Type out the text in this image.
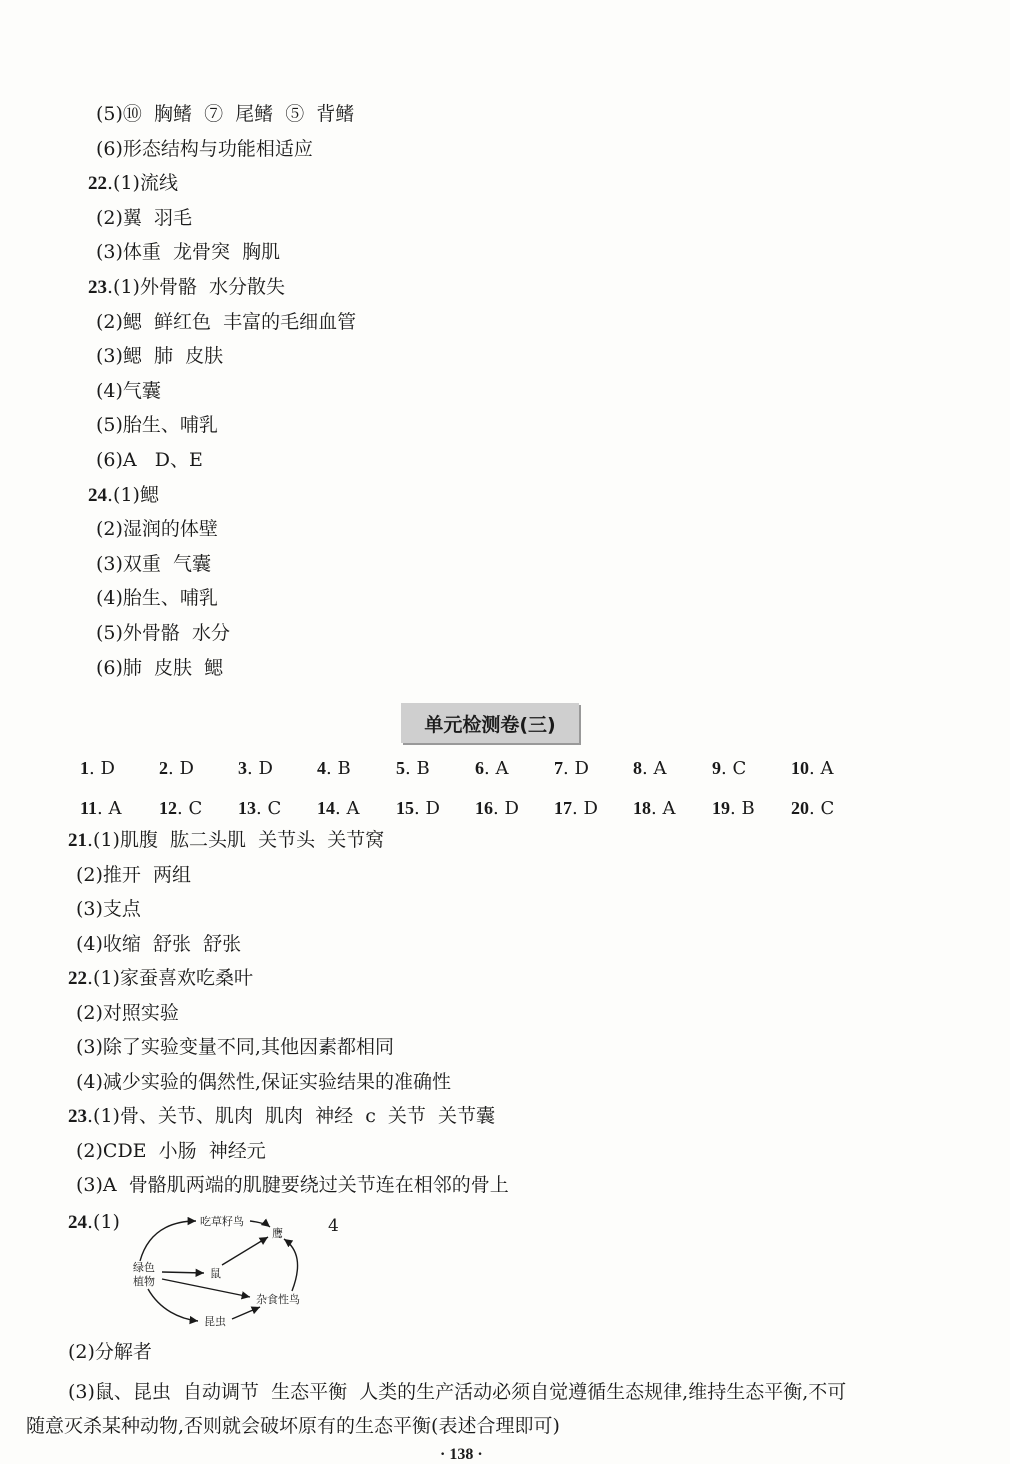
(5)⑩  胸鳍  ⑦  尾鳍  ⑤  背鳍
(6)形态结构与功能相适应
22.(1)流线
(2)翼  羽毛
(3)体重  龙骨突  胸肌
23.(1)外骨骼  水分散失
(2)鳃  鲜红色  丰富的毛细血管
(3)鳃  肺  皮肤
(4)气囊
(5)胎生、哺乳
(6)A   D、E
24.(1)鳃
(2)湿润的体壁
(3)双重  气囊
(4)胎生、哺乳
(5)外骨骼  水分
(6)肺  皮肤  鳃
单元检测卷(三)
1. D 2. D 3. D 4. B	5. B	6. A	7. D 8. A	9. C 10. A
11. A 12. C 13. C 14. A 15. D 16. D 17. D 18. A 19. B 20. C
21.(1)肌腹  肱二头肌  关节头  关节窝
(2)推开  两组
(3)支点
(4)收缩  舒张  舒张
22.(1)家蚕喜欢吃桑叶
(2)对照实验
(3)除了实验变量不同,其他因素都相同
(4)减少实验的偶然性,保证实验结果的准确性
23.(1)骨、关节、肌肉  肌肉  神经  c  关节  关节囊
(2)CDE  小肠  神经元
(3)A  骨骼肌两端的肌腱要绕过关节连在相邻的骨上
24.(1)	4
吃草籽鸟
鹰
绿色
植物
鼠
杂食性鸟
昆虫
(2)分解者
(3)鼠、昆虫  自动调节  生态平衡  人类的生产活动必须自觉遵循生态规律,维持生态平衡,不可
随意灭杀某种动物,否则就会破坏原有的生态平衡(表述合理即可)
· 138 ·
